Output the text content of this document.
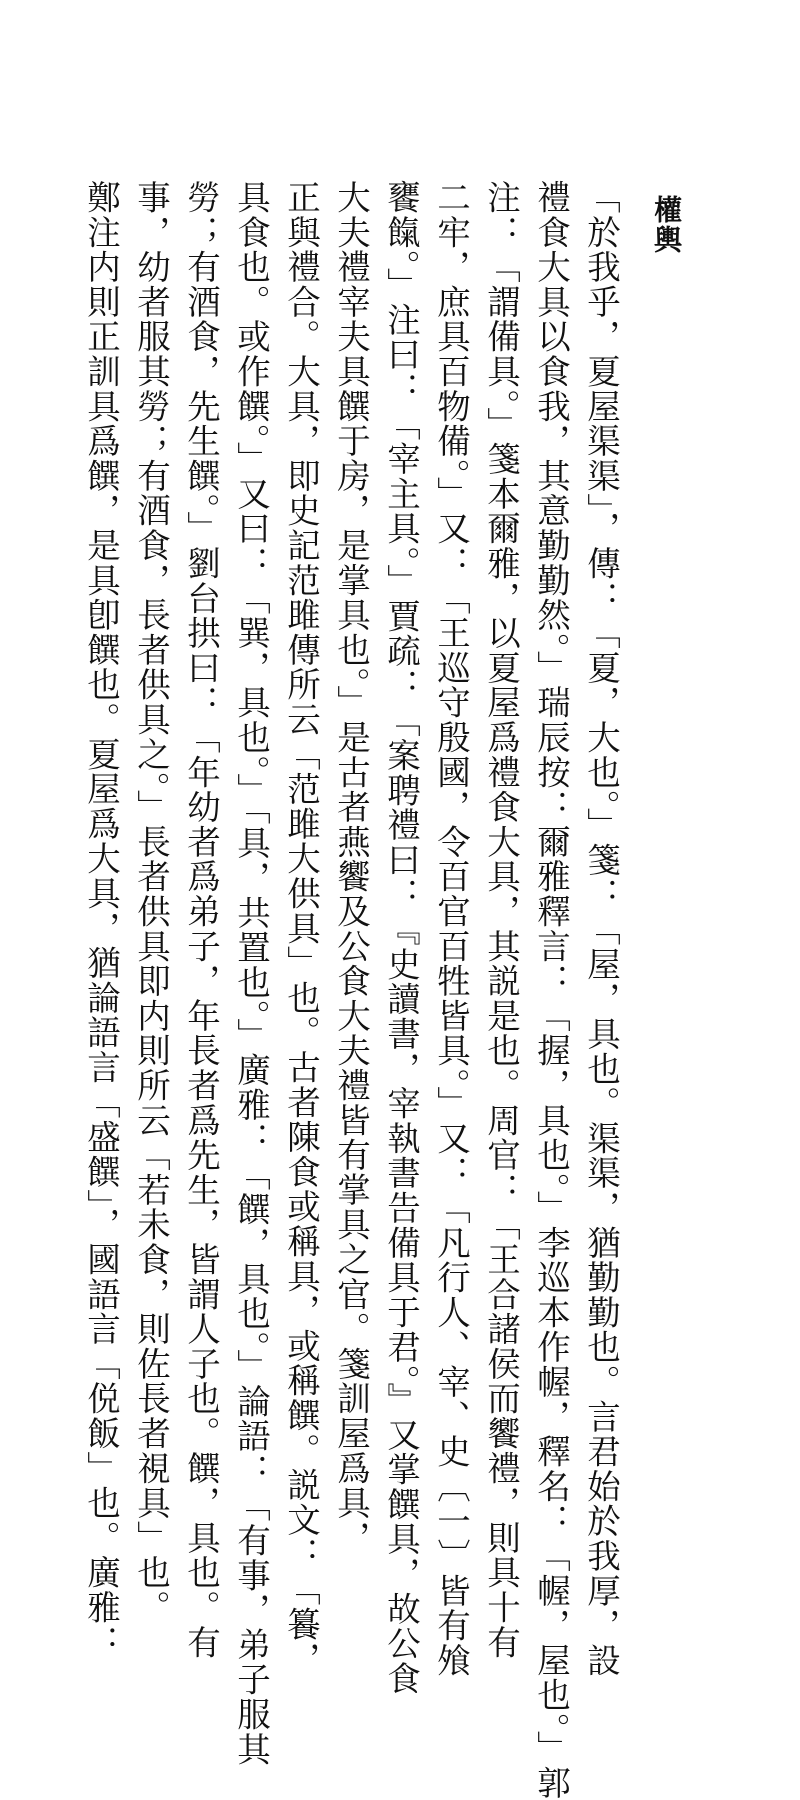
權輿
「於我乎，夏屋渠渠」，傳：「夏，大也。」箋：「屋，具也。渠渠，猶勤勤也。言君始於我厚，設
禮食大具以食我，其意勤勤然。」瑞辰按：爾雅釋言：「握，具也。」李巡本作幄，釋名：「幄，屋也。」郭
注：「謂備具。」箋本爾雅，以夏屋爲禮食大具，其説是也。周官：「王合諸侯而饗禮，則具十有
二牢，庶具百物備。」又：「王巡守殷國，令百官百牲皆具。」又：「凡行人、宰、史〔一〕皆有飧
饔餼。」注曰：「宰主具。」賈疏：「案聘禮曰：『史讀書，宰執書告備具于君。』又掌饌具，故公食
大夫禮宰夫具饌于房，是掌具也。」是古者燕饗及公食大夫禮皆有掌具之官。箋訓屋爲具，
正與禮合。大具，即史記范雎傳所云「范雎大供具」也。古者陳食或稱具，或稱饌。説文：「籑，
具食也。或作饌。」又曰：「巽，具也。」「具，共置也。」廣雅：「饌，具也。」論語：「有事，弟子服其
勞；有酒食，先生饌。」劉台拱曰：「年幼者爲弟子，年長者爲先生，皆謂人子也。饌，具也。有
事，幼者服其勞；有酒食，長者供具之。」長者供具即内則所云「若未食，則佐長者視具」也。
鄭注内則正訓具爲饌，是具卽饌也。夏屋爲大具，猶論語言「盛饌」，國語言「侻飯」也。廣雅：
